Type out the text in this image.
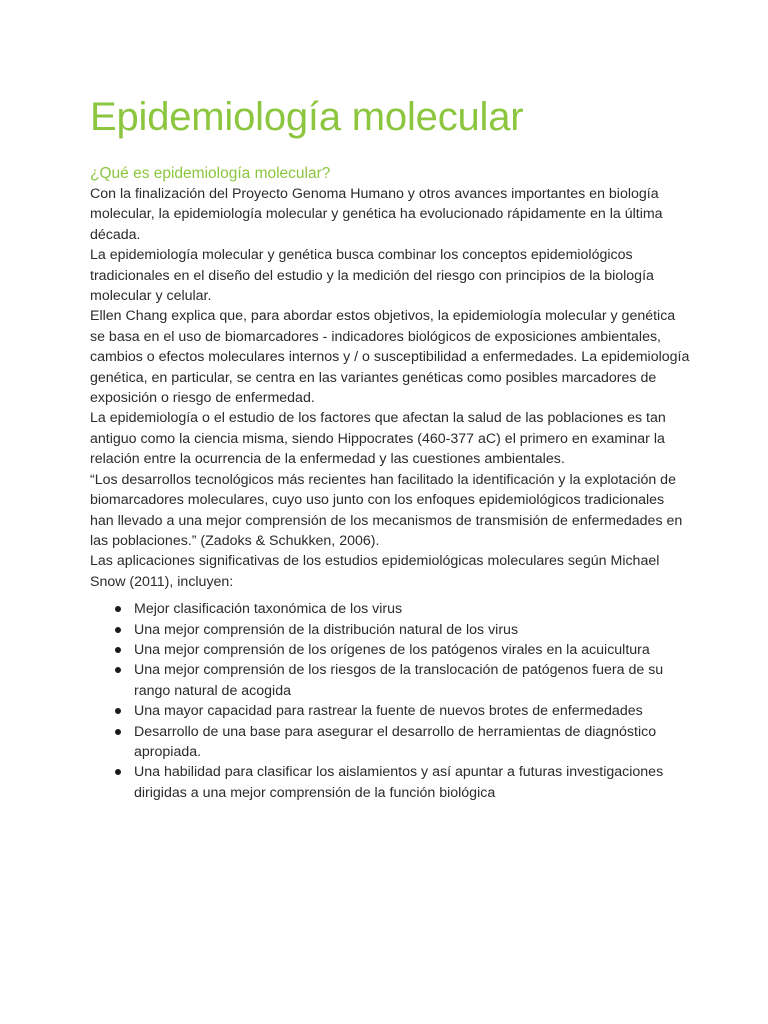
Epidemiología molecular
¿Qué es epidemiología molecular?

Con la finalización del Proyecto Genoma Humano y otros avances importantes en biología molecular, la epidemiología molecular y genética ha evolucionado rápidamente en la última década.

La epidemiología molecular y genética busca combinar los conceptos epidemiológicos tradicionales en el diseño del estudio y la medición del riesgo con principios de la biología molecular y celular.

Ellen Chang explica que, para abordar estos objetivos, la epidemiología molecular y genética se basa en el uso de biomarcadores - indicadores biológicos de exposiciones ambientales, cambios o efectos moleculares internos y / o susceptibilidad a enfermedades. La epidemiología genética, en particular, se centra en las variantes genéticas como posibles marcadores de exposición o riesgo de enfermedad.

La epidemiología o el estudio de los factores que afectan la salud de las poblaciones es tan antiguo como la ciencia misma, siendo Hippocrates (460-377 aC) el primero en examinar la relación entre la ocurrencia de la enfermedad y las cuestiones ambientales.

“Los desarrollos tecnológicos más recientes han facilitado la identificación y la explotación de biomarcadores moleculares, cuyo uso junto con los enfoques epidemiológicos tradicionales han llevado a una mejor comprensión de los mecanismos de transmisión de enfermedades en las poblaciones.” (Zadoks & Schukken, 2006).

Las aplicaciones significativas de los estudios epidemiológicas moleculares según Michael Snow (2011), incluyen:

Mejor clasificación taxonómica de los virus
Una mejor comprensión de la distribución natural de los virus
Una mejor comprensión de los orígenes de los patógenos virales en la acuicultura
Una mejor comprensión de los riesgos de la translocación de patógenos fuera de su rango natural de acogida
Una mayor capacidad para rastrear la fuente de nuevos brotes de enfermedades
Desarrollo de una base para asegurar el desarrollo de herramientas de diagnóstico apropiada.
Una habilidad para clasificar los aislamientos y así apuntar a futuras investigaciones dirigidas a una mejor comprensión de la función biológica
